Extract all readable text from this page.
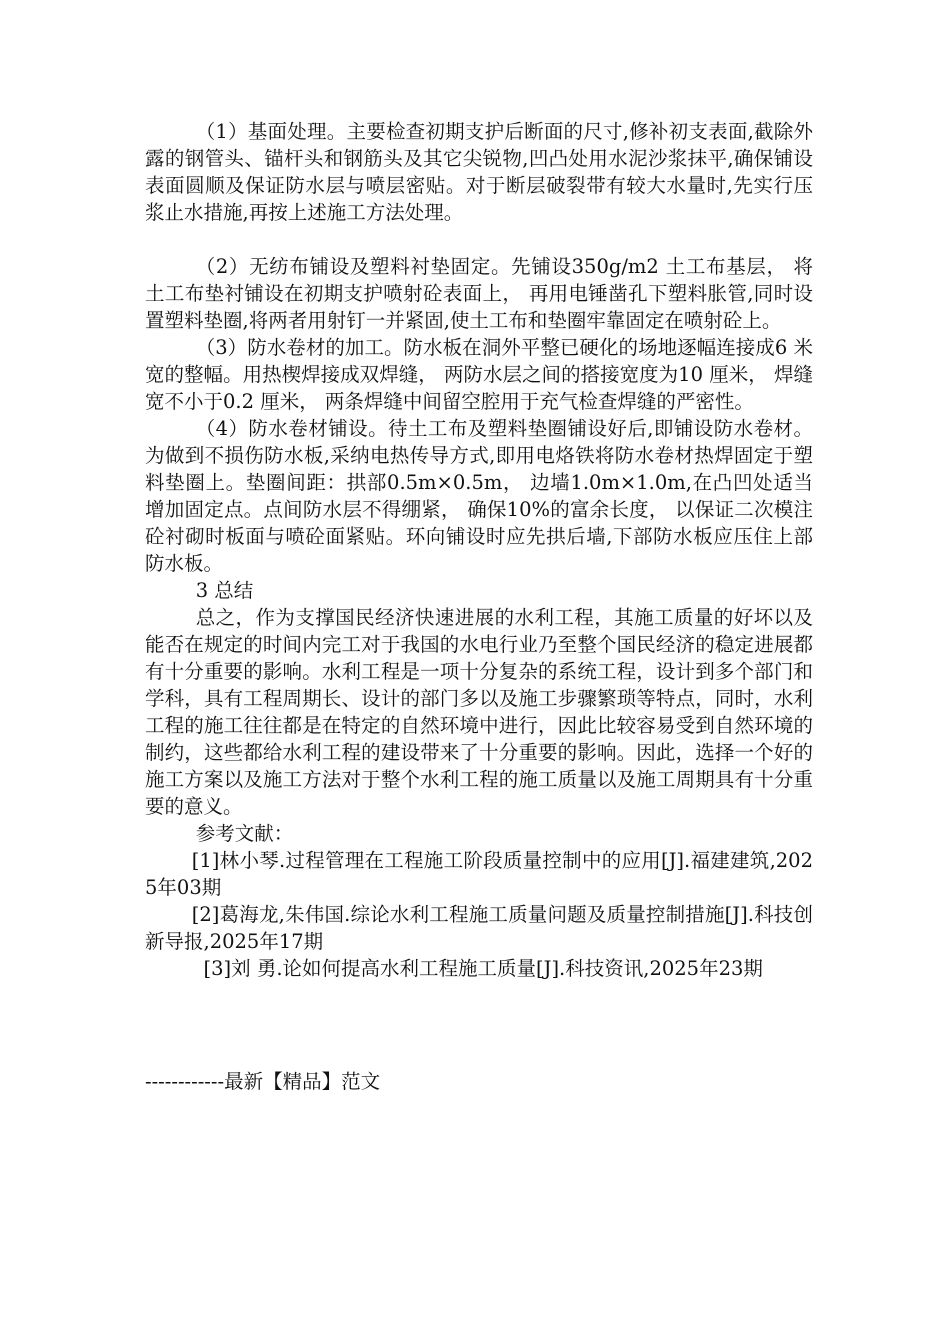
（1）基面处理。主要检查初期支护后断面的尺寸,修补初支表面,截除外露的钢管头、锚杆头和钢筋头及其它尖锐物,凹凸处用水泥沙浆抹平,确保铺设表面圆顺及保证防水层与喷层密贴。对于断层破裂带有较大水量时,先实行压浆止水措施,再按上述施工方法处理。

（2）无纺布铺设及塑料衬垫固定。先铺设350g/m2 土工布基层， 将土工布垫衬铺设在初期支护喷射砼表面上， 再用电锤凿孔下塑料胀管,同时设置塑料垫圈,将两者用射钉一并紧固,使土工布和垫圈牢靠固定在喷射砼上。

（3）防水卷材的加工。防水板在洞外平整已硬化的场地逐幅连接成6 米宽的整幅。用热楔焊接成双焊缝， 两防水层之间的搭接宽度为10 厘米， 焊缝宽不小于0.2 厘米， 两条焊缝中间留空腔用于充气检查焊缝的严密性。

（4）防水卷材铺设。待土工布及塑料垫圈铺设好后,即铺设防水卷材。为做到不损伤防水板,采纳电热传导方式,即用电烙铁将防水卷材热焊固定于塑料垫圈上。垫圈间距：拱部0.5m×0.5m， 边墙1.0m×1.0m,在凸凹处适当增加固定点。点间防水层不得绷紧， 确保10%的富余长度， 以保证二次模注砼衬砌时板面与喷砼面紧贴。环向铺设时应先拱后墙,下部防水板应压住上部防水板。

3 总结

总之，作为支撑国民经济快速进展的水利工程，其施工质量的好坏以及能否在规定的时间内完工对于我国的水电行业乃至整个国民经济的稳定进展都有十分重要的影响。水利工程是一项十分复杂的系统工程，设计到多个部门和学科，具有工程周期长、设计的部门多以及施工步骤繁琐等特点，同时，水利工程的施工往往都是在特定的自然环境中进行，因此比较容易受到自然环境的制约，这些都给水利工程的建设带来了十分重要的影响。因此，选择一个好的施工方案以及施工方法对于整个水利工程的施工质量以及施工周期具有十分重要的意义。

参考文献：

[1]林小琴.过程管理在工程施工阶段质量控制中的应用[J].福建建筑,2025年03期

[2]葛海龙,朱伟国.综论水利工程施工质量问题及质量控制措施[J].科技创新导报,2025年17期

[3]刘 勇.论如何提高水利工程施工质量[J].科技资讯,2025年23期

------------最新【精品】范文
